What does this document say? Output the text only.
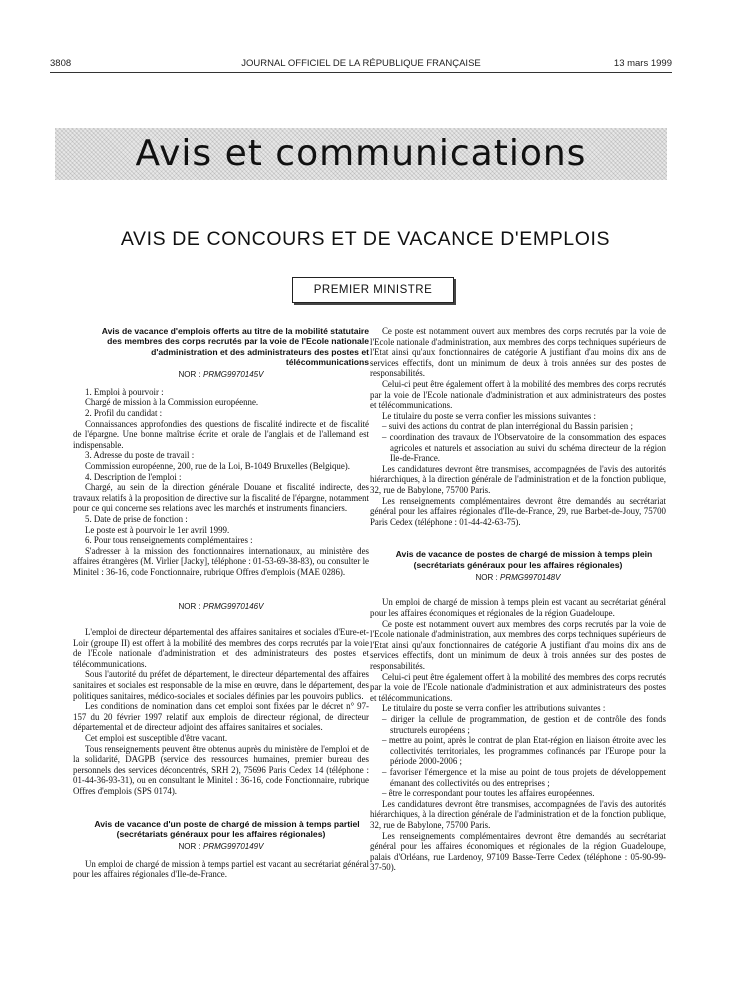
3808	JOURNAL OFFICIEL DE LA RÉPUBLIQUE FRANÇAISE	13 mars 1999
Avis et communications
AVIS DE CONCOURS ET DE VACANCE D'EMPLOIS
PREMIER MINISTRE

Avis de vacance d'emplois offerts au titre de la mobilité statutaire des membres des corps recrutés par la voie de l'Ecole nationale d'administration et des administrateurs des postes et télécommunications

NOR : PRMG9970145V

1. Emploi à pourvoir :

Chargé de mission à la Commission européenne.

2. Profil du candidat :

Connaissances approfondies des questions de fiscalité indirecte et de fiscalité de l'épargne. Une bonne maîtrise écrite et orale de l'anglais et de l'allemand est indispensable.

3. Adresse du poste de travail :

Commission européenne, 200, rue de la Loi, B-1049 Bruxelles (Belgique).

4. Description de l'emploi :

Chargé, au sein de la direction générale Douane et fiscalité indirecte, des travaux relatifs à la proposition de directive sur la fiscalité de l'épargne, notamment pour ce qui concerne ses relations avec les marchés et instruments financiers.

5. Date de prise de fonction :

Le poste est à pourvoir le 1er avril 1999.

6. Pour tous renseignements complémentaires :

S'adresser à la mission des fonctionnaires internationaux, au ministère des affaires étrangères (M. Virlier [Jacky], téléphone : 01-53-69-38-83), ou consulter le Minitel : 36-16, code Fonctionnaire, rubrique Offres d'emplois (MAE 0286).

NOR : PRMG9970146V

L'emploi de directeur départemental des affaires sanitaires et sociales d'Eure-et-Loir (groupe II) est offert à la mobilité des membres des corps recrutés par la voie de l'Ecole nationale d'administration et des administrateurs des postes et télécommunications.

Sous l'autorité du préfet de département, le directeur départemental des affaires sanitaires et sociales est responsable de la mise en œuvre, dans le département, des politiques sanitaires, médico-sociales et sociales définies par les pouvoirs publics.

Les conditions de nomination dans cet emploi sont fixées par le décret n° 97-157 du 20 février 1997 relatif aux emplois de directeur régional, de directeur départemental et de directeur adjoint des affaires sanitaires et sociales.

Cet emploi est susceptible d'être vacant.

Tous renseignements peuvent être obtenus auprès du ministère de l'emploi et de la solidarité, DAGPB (service des ressources humaines, premier bureau des personnels des services déconcentrés, SRH 2), 75696 Paris Cedex 14 (téléphone : 01-44-36-93-31), ou en consultant le Minitel : 36-16, code Fonctionnaire, rubrique Offres d'emplois (SPS 0174).

Avis de vacance d'un poste de chargé de mission à temps partiel (secrétariats généraux pour les affaires régionales)

NOR : PRMG9970149V

Un emploi de chargé de mission à temps partiel est vacant au secrétariat général pour les affaires régionales d'Ile-de-France.

Ce poste est notamment ouvert aux membres des corps recrutés par la voie de l'Ecole nationale d'administration, aux membres des corps techniques supérieurs de l'Etat ainsi qu'aux fonctionnaires de catégorie A justifiant d'au moins dix ans de services effectifs, dont un minimum de deux à trois années sur des postes de responsabilités.

Celui-ci peut être également offert à la mobilité des membres des corps recrutés par la voie de l'Ecole nationale d'administration et aux administrateurs des postes et télécommunications.

Le titulaire du poste se verra confier les missions suivantes :

– suivi des actions du contrat de plan interrégional du Bassin parisien ;
– coordination des travaux de l'Observatoire de la consommation des espaces agricoles et naturels et association au suivi du schéma directeur de la région Ile-de-France.

Les candidatures devront être transmises, accompagnées de l'avis des autorités hiérarchiques, à la direction générale de l'administration et de la fonction publique, 32, rue de Babylone, 75700 Paris.

Les renseignements complémentaires devront être demandés au secrétariat général pour les affaires régionales d'Ile-de-France, 29, rue Barbet-de-Jouy, 75700 Paris Cedex (téléphone : 01-44-42-63-75).

Avis de vacance de postes de chargé de mission à temps plein (secrétariats généraux pour les affaires régionales)

NOR : PRMG9970148V

Un emploi de chargé de mission à temps plein est vacant au secrétariat général pour les affaires économiques et régionales de la région Guadeloupe.

Ce poste est notamment ouvert aux membres des corps recrutés par la voie de l'Ecole nationale d'administration, aux membres des corps techniques supérieurs de l'Etat ainsi qu'aux fonctionnaires de catégorie A justifiant d'au moins dix ans de services effectifs, dont un minimum de deux à trois années sur des postes de responsabilités.

Celui-ci peut être également offert à la mobilité des membres des corps recrutés par la voie de l'Ecole nationale d'administration et aux administrateurs des postes et télécommunications.

Le titulaire du poste se verra confier les attributions suivantes :

– diriger la cellule de programmation, de gestion et de contrôle des fonds structurels européens ;
– mettre au point, après le contrat de plan Etat-région en liaison étroite avec les collectivités territoriales, les programmes cofinancés par l'Europe pour la période 2000-2006 ;
– favoriser l'émergence et la mise au point de tous projets de développement émanant des collectivités ou des entreprises ;
– être le correspondant pour toutes les affaires européennes.

Les candidatures devront être transmises, accompagnées de l'avis des autorités hiérarchiques, à la direction générale de l'administration et de la fonction publique, 32, rue de Babylone, 75700 Paris.

Les renseignements complémentaires devront être demandés au secrétariat général pour les affaires économiques et régionales de la région Guadeloupe, palais d'Orléans, rue Lardenoy, 97109 Basse-Terre Cedex (téléphone : 05-90-99-37-50).
